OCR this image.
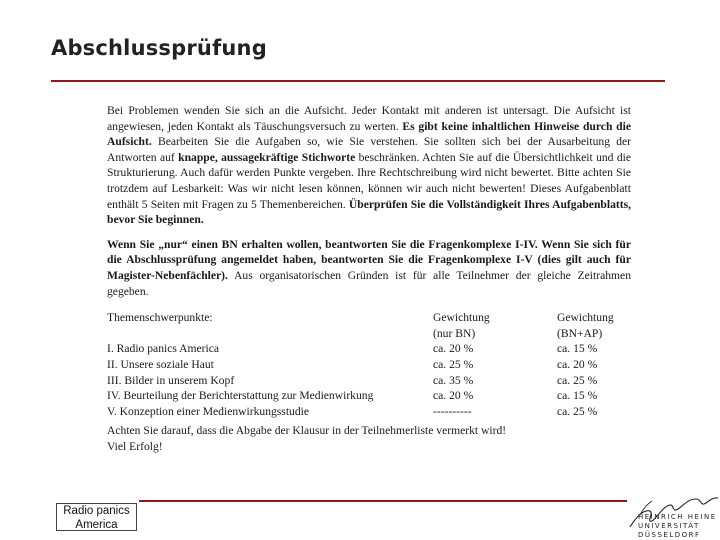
Abschlussprüfung

Bei Problemen wenden Sie sich an die Aufsicht. Jeder Kontakt mit anderen ist untersagt. Die Aufsicht ist angewiesen, jeden Kontakt als Täuschungsversuch zu werten. Es gibt keine inhaltlichen Hinweise durch die Aufsicht. Bearbeiten Sie die Aufgaben so, wie Sie verstehen. Sie sollten sich bei der Ausarbeitung der Antworten auf knappe, aussagekräftige Stichworte beschränken. Achten Sie auf die Übersichtlichkeit und die Strukturierung. Auch dafür werden Punkte vergeben. Ihre Rechtschreibung wird nicht bewertet. Bitte achten Sie trotzdem auf Lesbarkeit: Was wir nicht lesen können, können wir auch nicht bewerten! Dieses Aufgabenblatt enthält 5 Seiten mit Fragen zu 5 Themenbereichen. Überprüfen Sie die Vollständigkeit Ihres Aufgabenblatts, bevor Sie beginnen.

Wenn Sie „nur“ einen BN erhalten wollen, beantworten Sie die Fragenkomplexe I-IV. Wenn Sie sich für die Abschlussprüfung angemeldet haben, beantworten Sie die Fragenkomplexe I-V (dies gilt auch für Magister-Nebenfächler). Aus organisatorischen Gründen ist für alle Teilnehmer der gleiche Zeitrahmen gegeben.

Themenschwerpunkte:

I. Radio panics America
II. Unsere soziale Haut
III. Bilder in unserem Kopf
IV. Beurteilung der Berichterstattung zur Medienwirkung
V. Konzeption einer Medienwirkungsstudie
Gewichtung
(nur BN)
ca. 20 %
ca. 25 %
ca. 35 %
ca. 20 %
----------
Gewichtung
(BN+AP)
ca. 15 %
ca. 20 %
ca. 25 %
ca. 15 %
ca. 25 %

Achten Sie darauf, dass die Abgabe der Klausur in der Teilnehmerliste vermerkt wird!

Viel Erfolg!

Radio panics America
HEINRICH HEINE
UNIVERSITÄT
DÜSSELDORF
